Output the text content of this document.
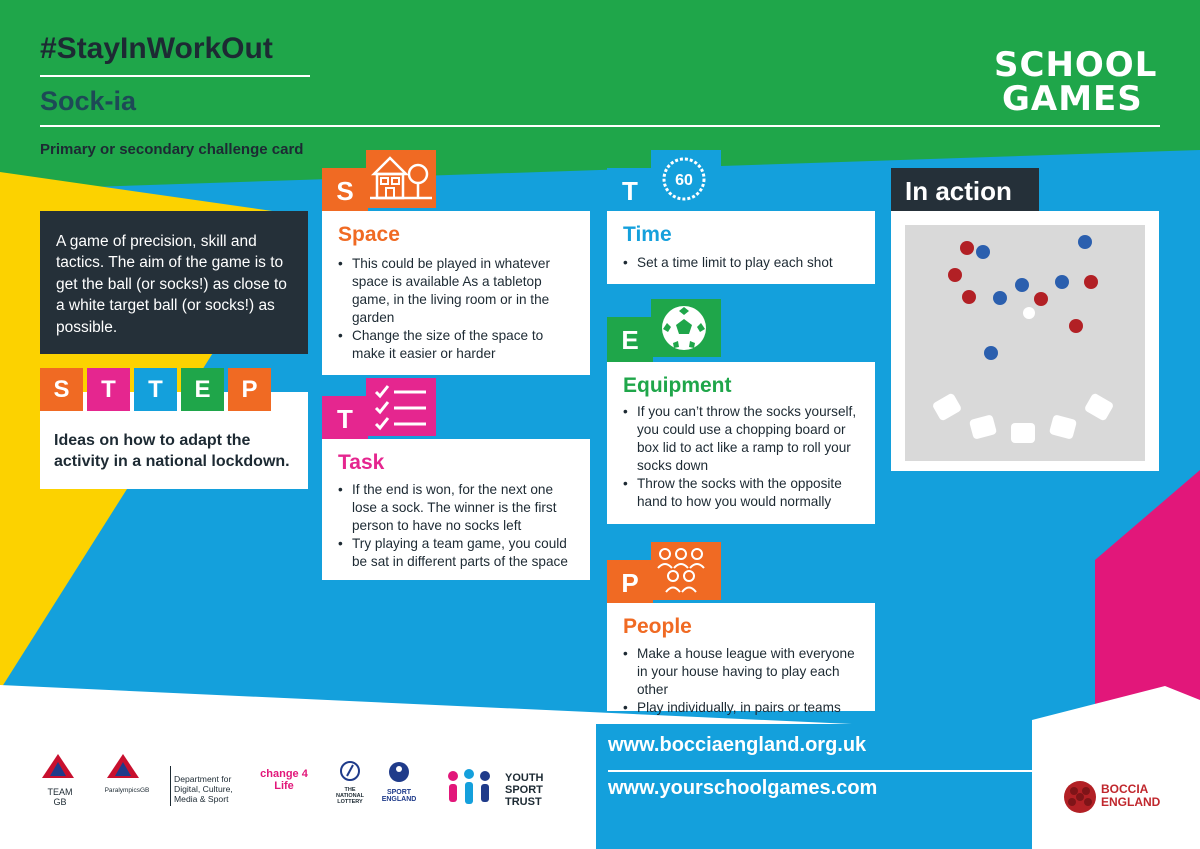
#StayInWorkOut
Sock-ia
Primary or secondary challenge card
SCHOOL
GAMES
A game of precision, skill and tactics. The aim of the game is to get the ball (or socks!) as close to a white target ball (or socks!) as possible.
S	T	T	E	P
Ideas on how to adapt the activity in a national lockdown.
S
Space
• This could be played in whatever space is available As a tabletop game, in the living room or in the garden
• Change the size of the space to make it easier or harder
T
Task
• If the end is won, for the next one lose a sock. The winner is the first person to have no socks left
• Try playing a team game, you could be sat in different parts of the space
T	60
Time
• Set a time limit to play each shot
E
Equipment
• If you can’t throw the socks yourself, you could use a chopping board or box lid to act like a ramp to roll your socks down
• Throw the socks with the opposite hand to how you would normally
P
People
• Make a house league with everyone in your house having to play each other
• Play individually, in pairs or teams
In action
www.bocciaengland.org.uk
www.yourschoolgames.com
TEAM GB
ParalympicsGB
Department for Digital, Culture, Media & Sport
change 4 Life	THE NATIONAL LOTTERY
SPORT ENGLAND
YOUTH SPORT TRUST
BOCCIA ENGLAND
